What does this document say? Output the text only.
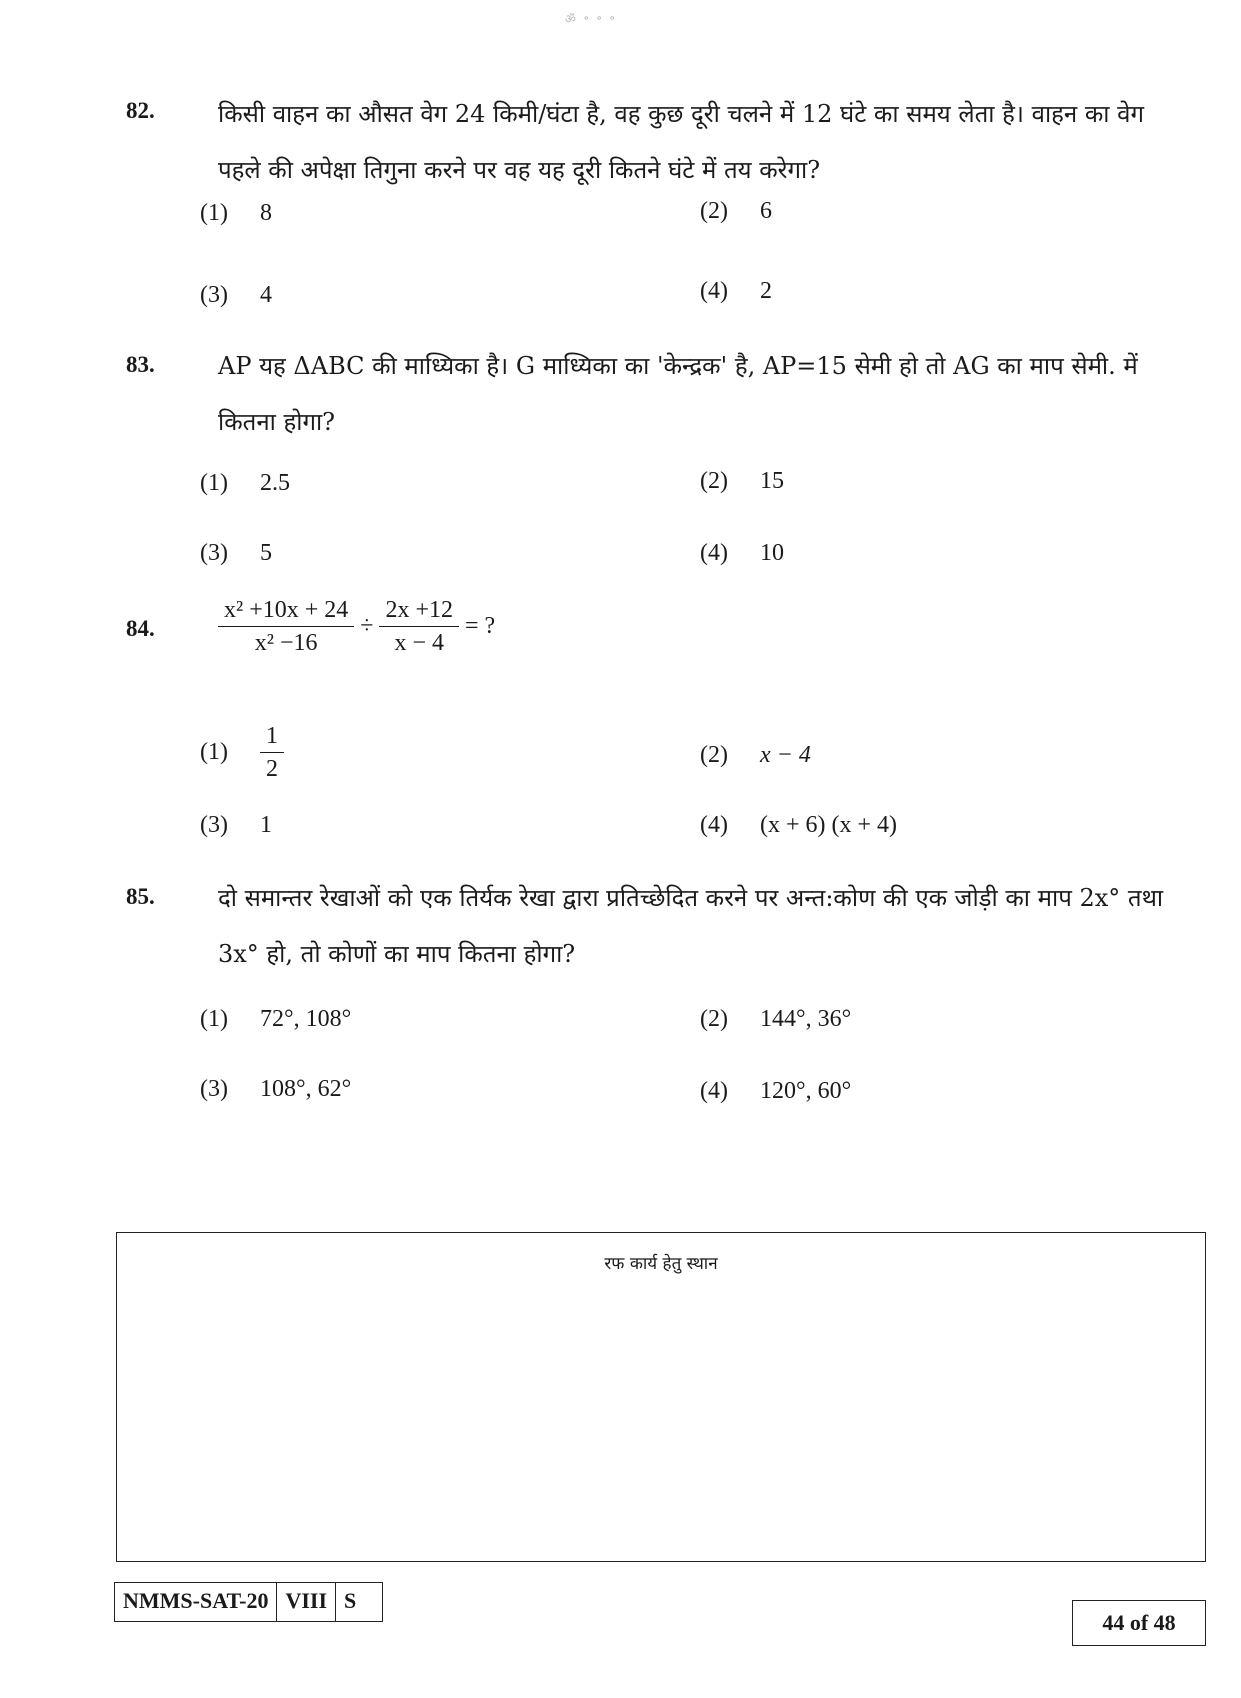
ॐ ॰ ॰ ॰
82.	किसी वाहन का औसत वेग 24 किमी/घंटा है, वह कुछ दूरी चलने में 12 घंटे का समय लेता है। वाहन का वेग
पहले की अपेक्षा तिगुना करने पर वह यह दूरी कितने घंटे में तय करेगा?
(1)	8	(2)	6
(3)	4	(4)	2
83.	AP यह ΔABC की माध्यिका है। G माध्यिका का 'केन्द्रक' है, AP=15 सेमी हो तो AG का माप सेमी. में
कितना होगा?
(1)	2.5	(2)	15
(3)	5	(4)	10
84.	$\frac{\text{x² +10x + 24}}{\text{x² −16}} \div \frac{2x +12}{x - 4}$ = ?
(1)	$\frac{1}{2}$	(2)	x − 4
(3)	1	(4)	(x + 6) (x + 4)
85.	दो समान्तर रेखाओं को एक तिर्यक रेखा द्वारा प्रतिच्छेदित करने पर अन्त:कोण की एक जोड़ी का माप 2x° तथा
3x° हो, तो कोणों का माप कितना होगा?
(1)	72°, 108°	(2)	144°, 36°
(3)	108°, 62°	(4)	120°, 60°
रफ कार्य हेतु स्थान
NMMS-SAT-20 VIII S
44 of 48
